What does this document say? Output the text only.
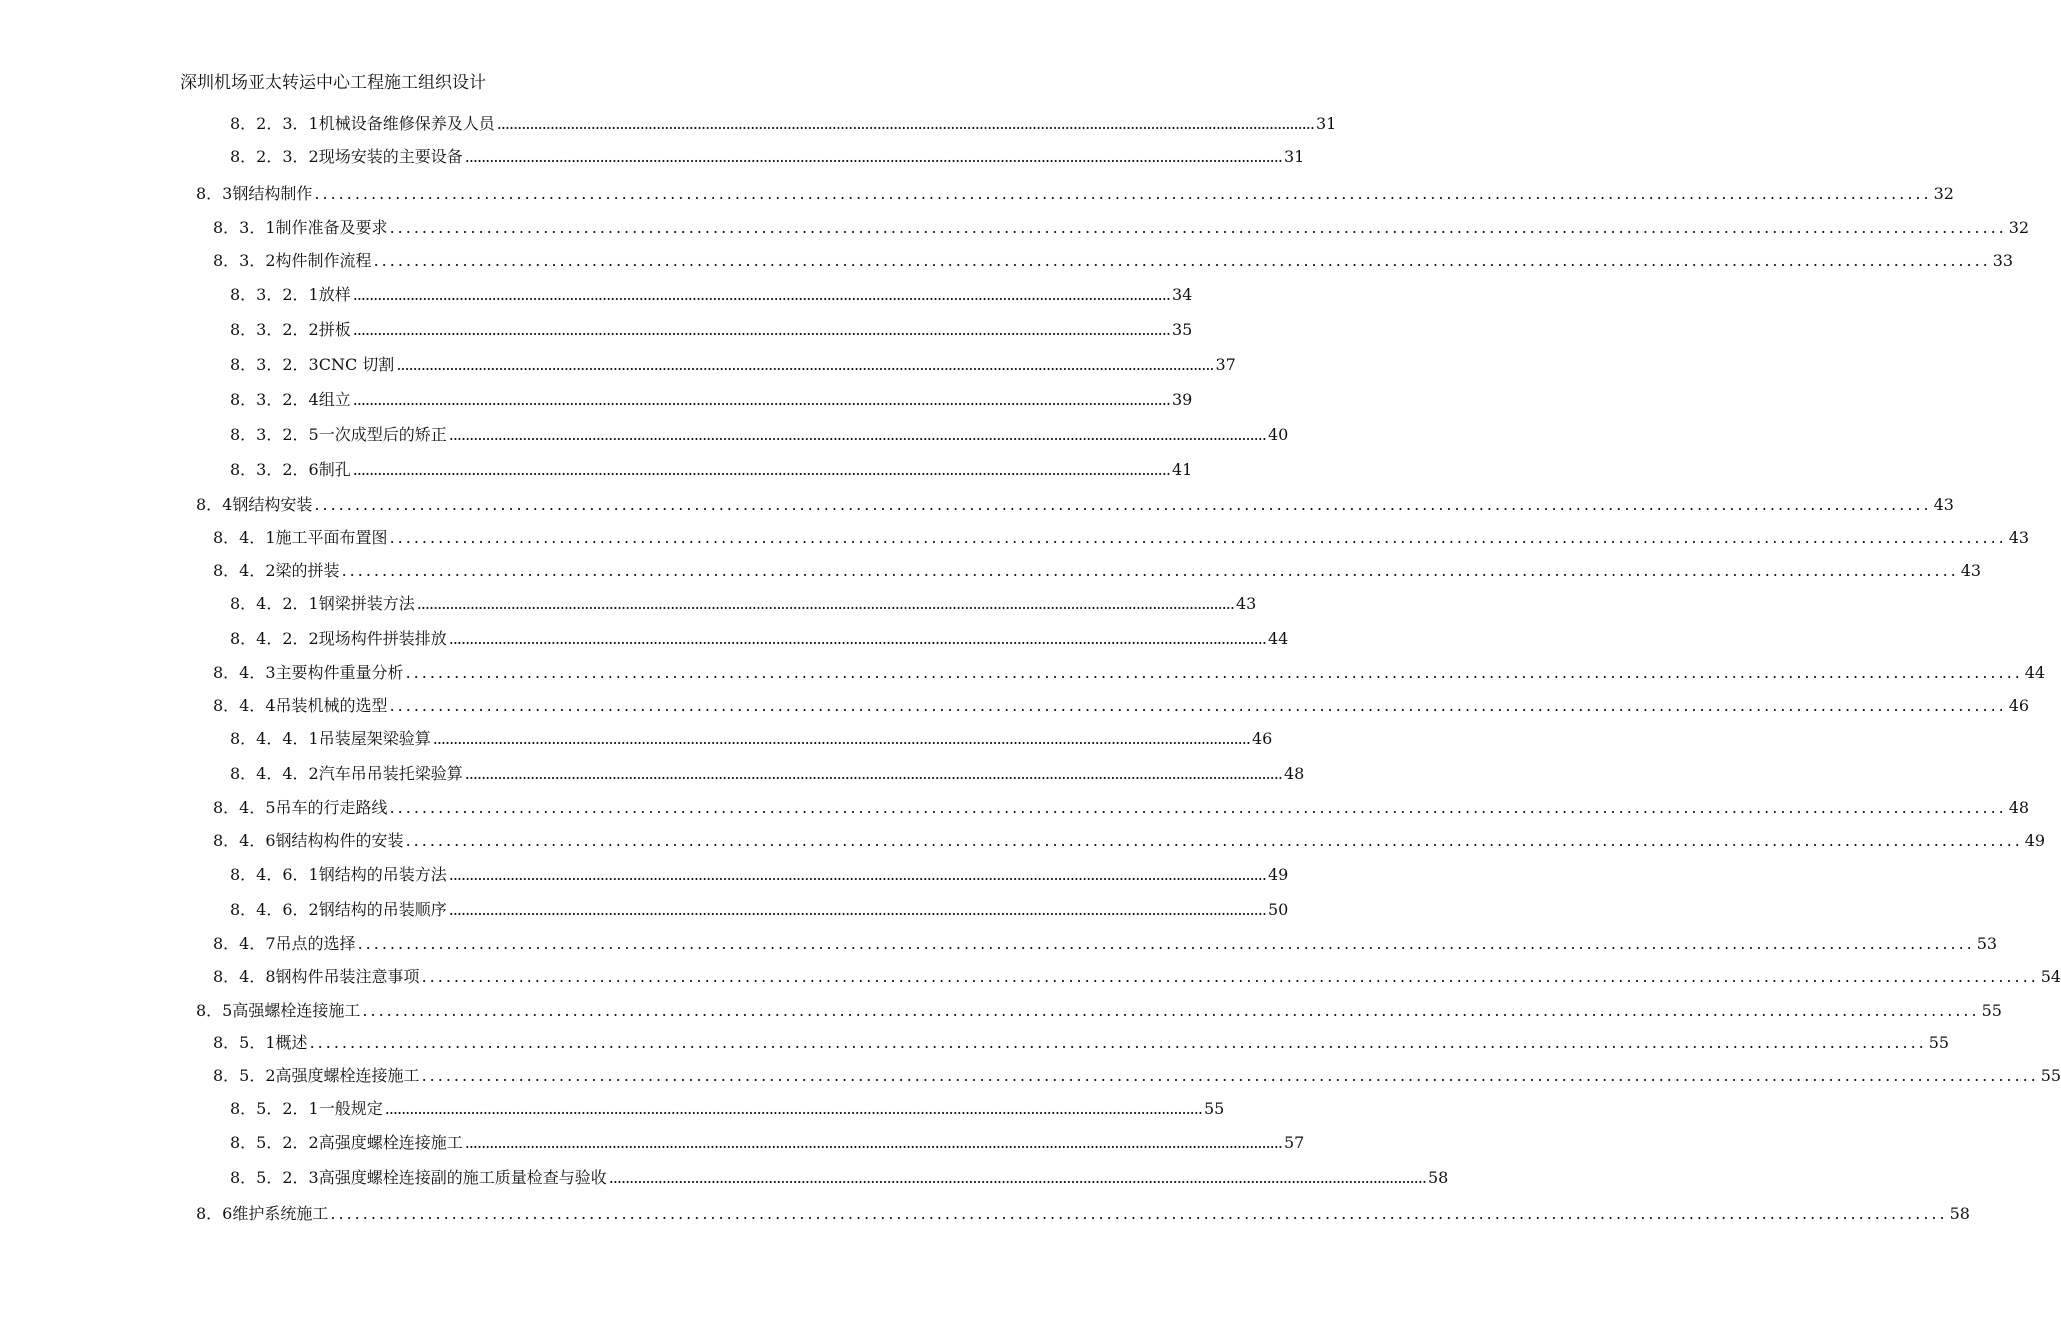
深圳机场亚太转运中心工程施工组织设计
8．2．3．1 机械设备维修保养及人员 ........................................................................................................................................................................................................ 31
8．2．3．2 现场安装的主要设备 ........................................................................................................................................................................................................ 31
8．3 钢结构制作 ........................................................................................................................................................................................................ 32
8．3．1 制作准备及要求 ........................................................................................................................................................................................................ 32
8．3．2 构件制作流程 ........................................................................................................................................................................................................ 33
8．3．2．1 放样 ........................................................................................................................................................................................................ 34
8．3．2．2 拼板 ........................................................................................................................................................................................................ 35
8．3．2．3 CNC 切割 ........................................................................................................................................................................................................ 37
8．3．2．4 组立 ........................................................................................................................................................................................................ 39
8．3．2．5 一次成型后的矫正 ........................................................................................................................................................................................................ 40
8．3．2．6 制孔 ........................................................................................................................................................................................................ 41
8．4 钢结构安装 ........................................................................................................................................................................................................ 43
8．4．1 施工平面布置图 ........................................................................................................................................................................................................ 43
8．4．2 梁的拼装 ........................................................................................................................................................................................................ 43
8．4．2．1 钢梁拼装方法 ........................................................................................................................................................................................................ 43
8．4．2．2 现场构件拼装排放 ........................................................................................................................................................................................................ 44
8．4．3 主要构件重量分析 ........................................................................................................................................................................................................ 44
8．4．4 吊装机械的选型 ........................................................................................................................................................................................................ 46
8．4．4．1 吊装屋架梁验算 ........................................................................................................................................................................................................ 46
8．4．4．2 汽车吊吊装托梁验算 ........................................................................................................................................................................................................ 48
8．4．5 吊车的行走路线 ........................................................................................................................................................................................................ 48
8．4．6 钢结构构件的安装 ........................................................................................................................................................................................................ 49
8．4．6．1 钢结构的吊装方法 ........................................................................................................................................................................................................ 49
8．4．6．2 钢结构的吊装顺序 ........................................................................................................................................................................................................ 50
8．4．7 吊点的选择 ........................................................................................................................................................................................................ 53
8．4．8 钢构件吊装注意事项 ........................................................................................................................................................................................................ 54
8．5 高强螺栓连接施工 ........................................................................................................................................................................................................ 55
8．5．1 概述 ........................................................................................................................................................................................................ 55
8．5．2 高强度螺栓连接施工 ........................................................................................................................................................................................................ 55
8．5．2．1 一般规定 ........................................................................................................................................................................................................ 55
8．5．2．2 高强度螺栓连接施工 ........................................................................................................................................................................................................ 57
8．5．2．3 高强度螺栓连接副的施工质量检查与验收 ........................................................................................................................................................................................................ 58
8．6 维护系统施工 ........................................................................................................................................................................................................ 58
